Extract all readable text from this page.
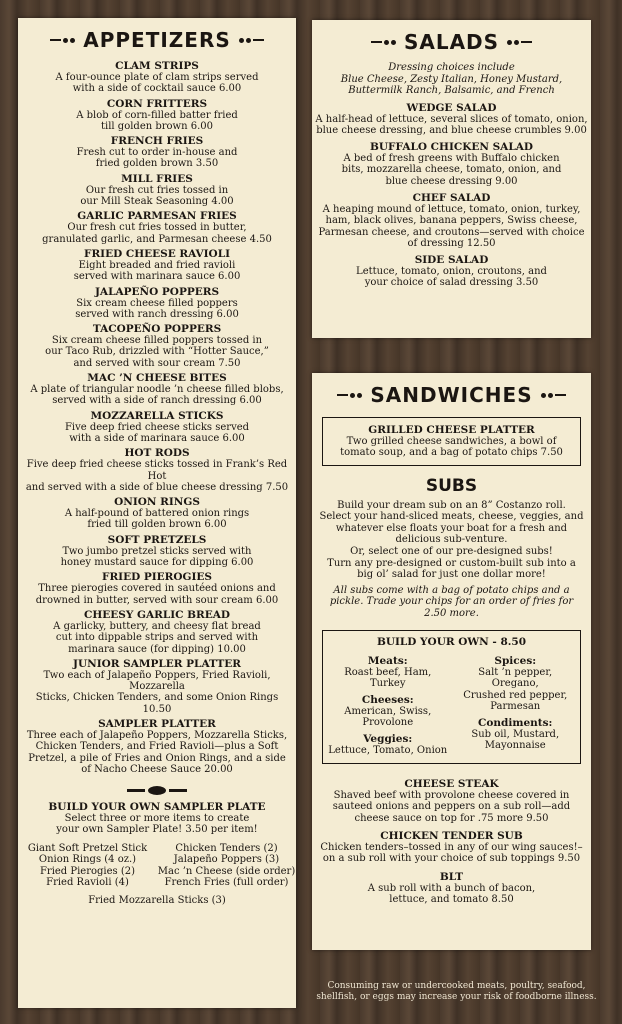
APPETIZERS
CLAM STRIPS
A four-ounce plate of clam strips served
with a side of cocktail sauce 6.00
CORN FRITTERS
A blob of corn-filled batter fried
till golden brown 6.00
FRENCH FRIES
Fresh cut to order in-house and
fried golden brown 3.50
MILL FRIES
Our fresh cut fries tossed in
our Mill Steak Seasoning 4.00
GARLIC PARMESAN FRIES
Our fresh cut fries tossed in butter,
granulated garlic, and Parmesan cheese 4.50
FRIED CHEESE RAVIOLI
Eight breaded and fried ravioli
served with marinara sauce 6.00
JALAPEÑO POPPERS
Six cream cheese filled poppers
served with ranch dressing 6.00
TACOPEÑO POPPERS
Six cream cheese filled poppers tossed in
our Taco Rub, drizzled with “Hotter Sauce,”
and served with sour cream 7.50
MAC ’N CHEESE BITES
A plate of triangular noodle ’n cheese filled blobs,
served with a side of ranch dressing 6.00
MOZZARELLA STICKS
Five deep fried cheese sticks served
with a side of marinara sauce 6.00
HOT RODS
Five deep fried cheese sticks tossed in Frank’s Red Hot
and served with a side of blue cheese dressing 7.50
ONION RINGS
A half-pound of battered onion rings
fried till golden brown 6.00
SOFT PRETZELS
Two jumbo pretzel sticks served with
honey mustard sauce for dipping 6.00
FRIED PIEROGIES
Three pierogies covered in sautéed onions and
drowned in butter, served with sour cream 6.00
CHEESY GARLIC BREAD
A garlicky, buttery, and cheesy flat bread
cut into dippable strips and served with
marinara sauce (for dipping) 10.00
JUNIOR SAMPLER PLATTER
Two each of Jalapeño Poppers, Fried Ravioli, Mozzarella
Sticks, Chicken Tenders, and some Onion Rings 10.50
SAMPLER PLATTER
Three each of Jalapeño Poppers, Mozzarella Sticks,
Chicken Tenders, and Fried Ravioli—plus a Soft
Pretzel, a pile of Fries and Onion Rings, and a side
of Nacho Cheese Sauce 20.00
BUILD YOUR OWN SAMPLER PLATE
Select three or more items to create
your own Sampler Plate! 3.50 per item!
Giant Soft Pretzel Stick	Chicken Tenders (2)
Onion Rings (4 oz.)	Jalapeño Poppers (3)
Fried Pierogies (2)	Mac ’n Cheese (side order)
Fried Ravioli (4)	French Fries (full order)
Fried Mozzarella Sticks (3)
SALADS
Dressing choices include
Blue Cheese, Zesty Italian, Honey Mustard,
Buttermilk Ranch, Balsamic, and French
WEDGE SALAD
A half-head of lettuce, several slices of tomato, onion,
blue cheese dressing, and blue cheese crumbles 9.00
BUFFALO CHICKEN SALAD
A bed of fresh greens with Buffalo chicken
bits, mozzarella cheese, tomato, onion, and
blue cheese dressing 9.00
CHEF SALAD
A heaping mound of lettuce, tomato, onion, turkey,
ham, black olives, banana peppers, Swiss cheese,
Parmesan cheese, and croutons—served with choice
of dressing 12.50
SIDE SALAD
Lettuce, tomato, onion, croutons, and
your choice of salad dressing 3.50
SANDWICHES
GRILLED CHEESE PLATTER
Two grilled cheese sandwiches, a bowl of
tomato soup, and a bag of potato chips 7.50
SUBS
Build your dream sub on an 8” Costanzo roll.
Select your hand-sliced meats, cheese, veggies, and whatever else floats your boat for a fresh and delicious sub-venture.
Or, select one of our pre-designed subs!
Turn any pre-designed or custom-built sub into a big ol’ salad for just one dollar more!
All subs come with a bag of potato chips and a pickle. Trade your chips for an order of fries for 2.50 more.
BUILD YOUR OWN - 8.50
Meats:
Roast beef, Ham, Turkey
Cheeses:
American, Swiss,
Provolone
Veggies:
Lettuce, Tomato, Onion
Spices:
Salt ’n pepper, Oregano,
Crushed red pepper,
Parmesan
Condiments:
Sub oil, Mustard,
Mayonnaise
CHEESE STEAK
Shaved beef with provolone cheese covered in
sauteed onions and peppers on a sub roll—add
cheese sauce on top for .75 more 9.50
CHICKEN TENDER SUB
Chicken tenders–tossed in any of our wing sauces!–
on a sub roll with your choice of sub toppings 9.50
BLT
A sub roll with a bunch of bacon,
lettuce, and tomato 8.50
Consuming raw or undercooked meats, poultry, seafood, shellfish, or eggs may increase your risk of foodborne illness.
